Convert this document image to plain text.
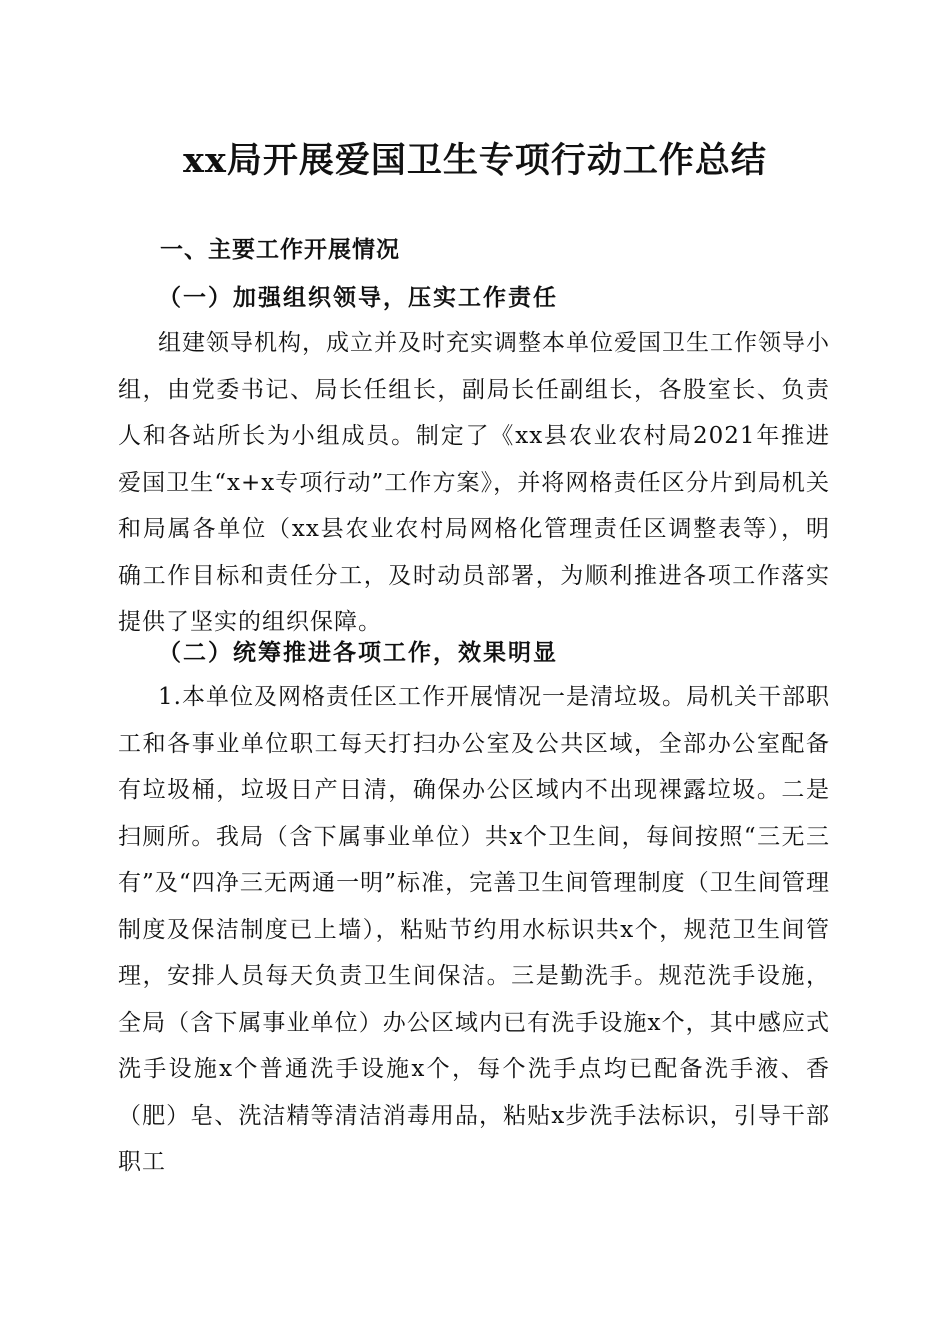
xx局开展爱国卫生专项行动工作总结
一、主要工作开展情况
（一）加强组织领导，压实工作责任

组建领导机构，成立并及时充实调整本单位爱国卫生工作领导小组，由党委书记、局长任组长，副局长任副组长，各股室长、负责人和各站所长为小组成员。制定了《xx县农业农村局2021年推进爱国卫生“x+x专项行动”工作方案》，并将网格责任区分片到局机关和局属各单位（xx县农业农村局网格化管理责任区调整表等），明确工作目标和责任分工，及时动员部署，为顺利推进各项工作落实提供了坚实的组织保障。

（二）统筹推进各项工作，效果明显

1.本单位及网格责任区工作开展情况一是清垃圾。局机关干部职工和各事业单位职工每天打扫办公室及公共区域，全部办公室配备有垃圾桶，垃圾日产日清，确保办公区域内不出现裸露垃圾。二是扫厕所。我局（含下属事业单位）共x个卫生间，每间按照“三无三有”及“四净三无两通一明”标准，完善卫生间管理制度（卫生间管理制度及保洁制度已上墙），粘贴节约用水标识共x个，规范卫生间管理，安排人员每天负责卫生间保洁。三是勤洗手。规范洗手设施，全局（含下属事业单位）办公区域内已有洗手设施x个，其中感应式洗手设施x个普通洗手设施x个，每个洗手点均已配备洗手液、香（肥）皂、洗洁精等清洁消毒用品，粘贴x步洗手法标识，引导干部职工
